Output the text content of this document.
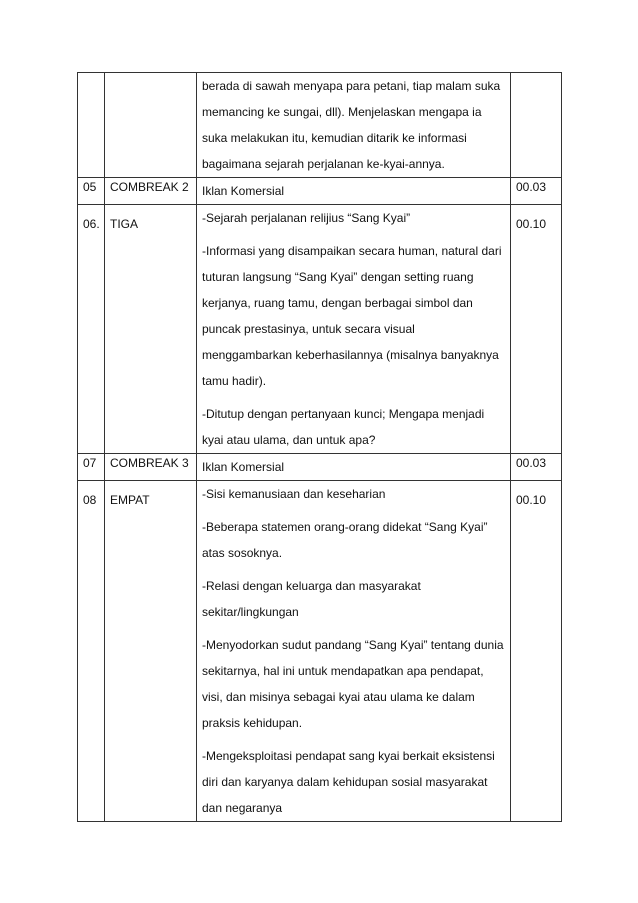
		berada di sawah menyapa para petani, tiap malam suka memancing ke sungai, dll). Menjelaskan mengapa ia suka melakukan itu, kemudian ditarik ke informasi bagaimana sejarah perjalanan ke-kyai-annya.	

05	COMBREAK 2	Iklan Komersial	00.03
06.	TIGA	-Sejarah perjalanan relijius “Sang Kyai”

-Informasi yang disampaikan secara human, natural dari tuturan langsung “Sang Kyai” dengan setting ruang kerjanya, ruang tamu, dengan berbagai simbol dan puncak prestasinya, untuk secara visual menggambarkan keberhasilannya (misalnya banyaknya tamu hadir).

-Ditutup dengan pertanyaan kunci; Mengapa menjadi kyai atau ulama, dan untuk apa?	00.10
07	COMBREAK 3	Iklan Komersial	00.03
08	EMPAT	-Sisi kemanusiaan dan keseharian

-Beberapa statemen orang-orang didekat “Sang Kyai” atas sosoknya.

-Relasi dengan keluarga dan masyarakat sekitar/lingkungan

-Menyodorkan sudut pandang “Sang Kyai” tentang dunia sekitarnya, hal ini untuk mendapatkan apa pendapat, visi, dan misinya sebagai kyai atau ulama ke dalam praksis kehidupan.

-Mengeksploitasi pendapat sang kyai berkait eksistensi diri dan karyanya dalam kehidupan sosial masyarakat dan negaranya	00.10
